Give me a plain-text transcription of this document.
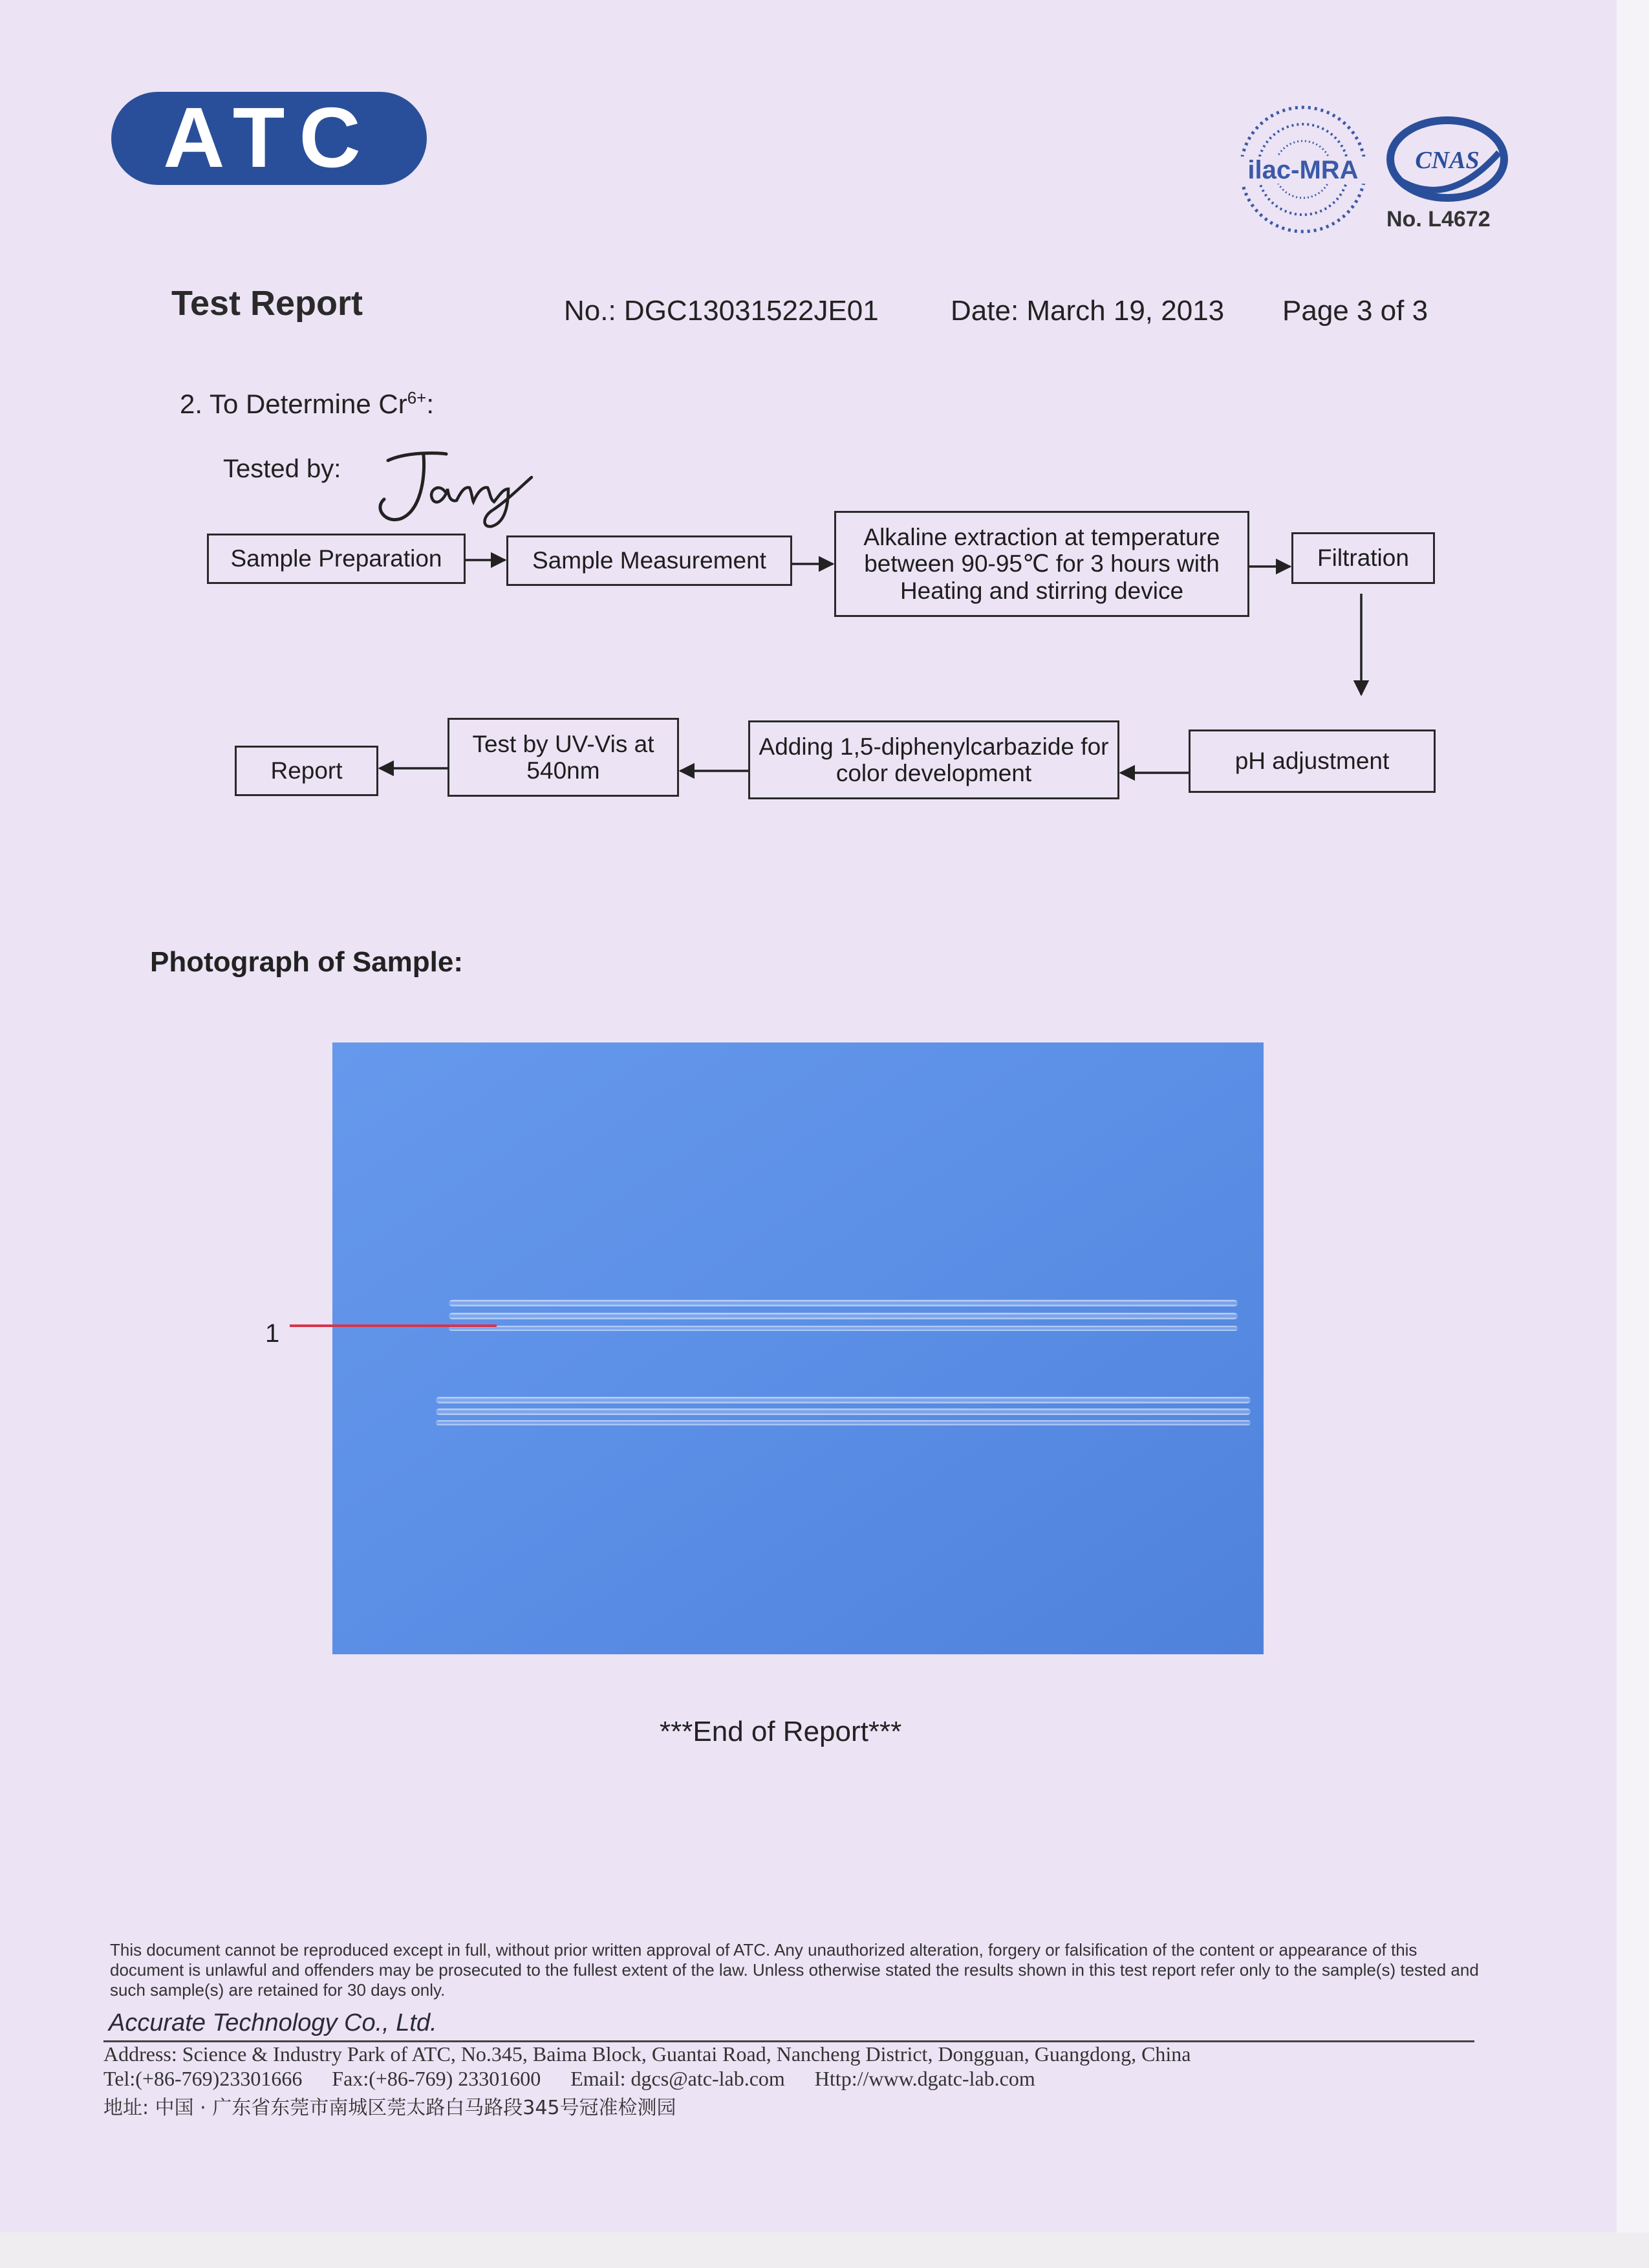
ATC	ilac-MRA CNAS
No. L4672
Test Report	No.: DGC13031522JE01	Date: March 19, 2013 Page 3 of 3
2. To Determine $Cr^{6+}$:
Tested by:
Sample Preparation	Sample Measurement
Alkaline extraction at temperature between 90-95℃ for 3 hours with Heating and stirring device
Filtration
pH adjustment
Adding 1,5-diphenylcarbazide for color development
Test by UV-Vis at 540nm
Report
Photograph of Sample:
1
***End of Report***
This document cannot be reproduced except in full, without prior written approval of ATC. Any unauthorized alteration, forgery or falsification of the content or appearance of this document is unlawful and offenders may be prosecuted to the fullest extent of the law. Unless otherwise stated the results shown in this test report refer only to the sample(s) tested and such sample(s) are retained for 30 days only.
Accurate Technology Co., Ltd.
Address: Science & Industry Park of ATC, No.345, Baima Block, Guantai Road, Nancheng District, Dongguan, Guangdong, China
Tel:(+86-769)23301666 Fax:(+86-769) 23301600 Email: dgcs@atc-lab.com Http://www.dgatc-lab.com
地址: 中国 · 广东省东莞市南城区莞太路白马路段345号冠准检测园
